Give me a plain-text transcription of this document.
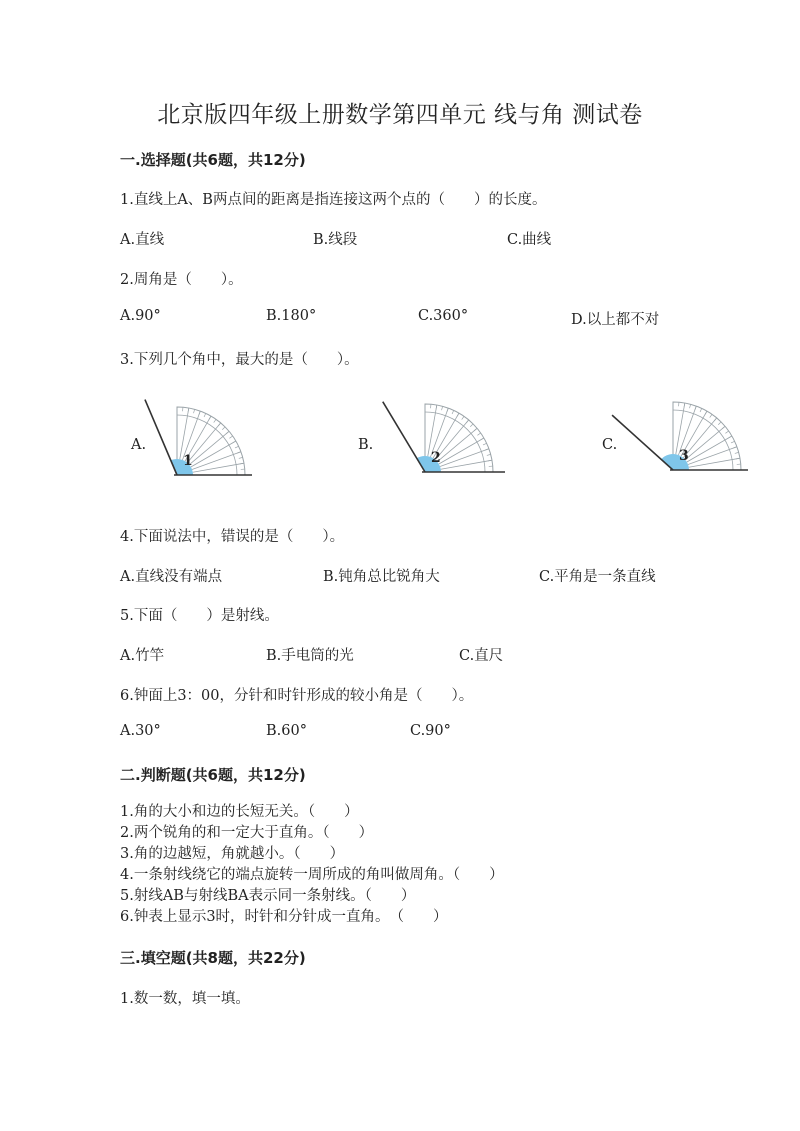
北京版四年级上册数学第四单元 线与角 测试卷
一.选择题(共6题，共12分)
1.直线上A、B两点间的距离是指连接这两个点的（　　）的长度。
A.直线	B.线段	C.曲线
2.周角是（　　）。
A.90°	B.180°	C.360°	D.以上都不对
3.下列几个角中，最大的是（　　）。
A.	B.	C.
1	2	3
4.下面说法中，错误的是（　　）。
A.直线没有端点	B.钝角总比锐角大	C.平角是一条直线
5.下面（　　）是射线。
A.竹竿	B.手电筒的光	C.直尺
6.钟面上3：00，分针和时针形成的较小角是（　　）。
A.30°	B.60°	C.90°
二.判断题(共6题，共12分)
1.角的大小和边的长短无关。（　　）
2.两个锐角的和一定大于直角。（　　）
3.角的边越短，角就越小。（　　）
4.一条射线绕它的端点旋转一周所成的角叫做周角。（　　）
5.射线AB与射线BA表示同一条射线。（　　）
6.钟表上显示3时，时针和分针成一直角。　（　　）
三.填空题(共8题，共22分)
1.数一数，填一填。
